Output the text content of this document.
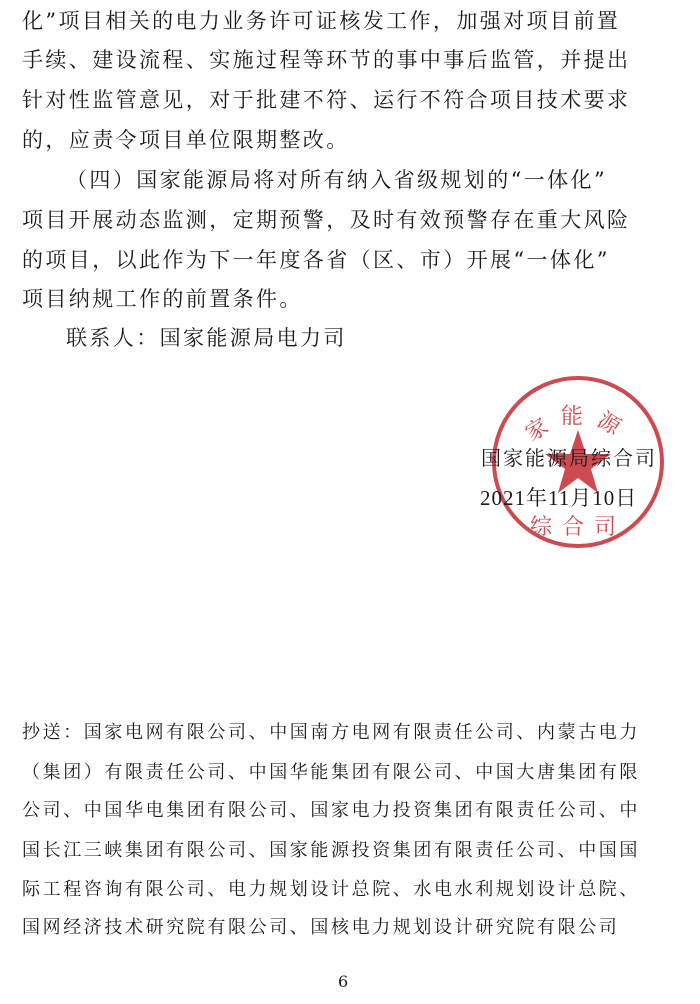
化”项目相关的电力业务许可证核发工作，加强对项目前置
手续、建设流程、实施过程等环节的事中事后监管，并提出
针对性监管意见，对于批建不符、运行不符合项目技术要求
的，应责令项目单位限期整改。
（四）国家能源局将对所有纳入省级规划的“一体化”
项目开展动态监测，定期预警，及时有效预警存在重大风险
的项目，以此作为下一年度各省（区、市）开展“一体化”
项目纳规工作的前置条件。
联系人：国家能源局电力司
家能源
综合司
国家能源局综合司
2021年11月10日
抄送：国家电网有限公司、中国南方电网有限责任公司、内蒙古电力
（集团）有限责任公司、中国华能集团有限公司、中国大唐集团有限
公司、中国华电集团有限公司、国家电力投资集团有限责任公司、中
国长江三峡集团有限公司、国家能源投资集团有限责任公司、中国国
际工程咨询有限公司、电力规划设计总院、水电水利规划设计总院、
国网经济技术研究院有限公司、国核电力规划设计研究院有限公司
6
